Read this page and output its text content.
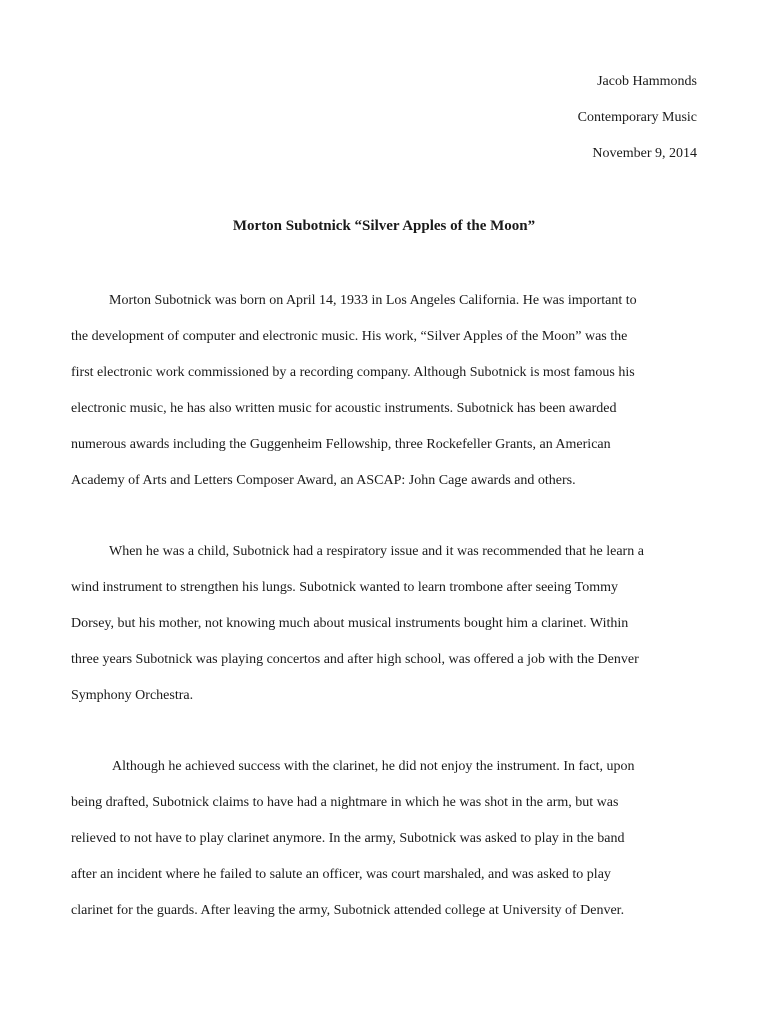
Jacob Hammonds
Contemporary Music
November 9, 2014
Morton Subotnick “Silver Apples of the Moon”
Morton Subotnick was born on April 14, 1933 in Los Angeles California. He was important to
the development of computer and electronic music. His work, “Silver Apples of the Moon” was the
first electronic work commissioned by a recording company. Although Subotnick is most famous his
electronic music, he has also written music for acoustic instruments. Subotnick has been awarded
numerous awards including the Guggenheim Fellowship, three Rockefeller Grants, an American
Academy of Arts and Letters Composer Award, an ASCAP: John Cage awards and others.
When he was a child, Subotnick had a respiratory issue and it was recommended that he learn a
wind instrument to strengthen his lungs. Subotnick wanted to learn trombone after seeing Tommy
Dorsey, but his mother, not knowing much about musical instruments bought him a clarinet. Within
three years Subotnick was playing concertos and after high school, was offered a job with the Denver
Symphony Orchestra.
Although he achieved success with the clarinet, he did not enjoy the instrument. In fact, upon
being drafted, Subotnick claims to have had a nightmare in which he was shot in the arm, but was
relieved to not have to play clarinet anymore. In the army, Subotnick was asked to play in the band
after an incident where he failed to salute an officer, was court marshaled, and was asked to play
clarinet for the guards. After leaving the army, Subotnick attended college at University of Denver.
